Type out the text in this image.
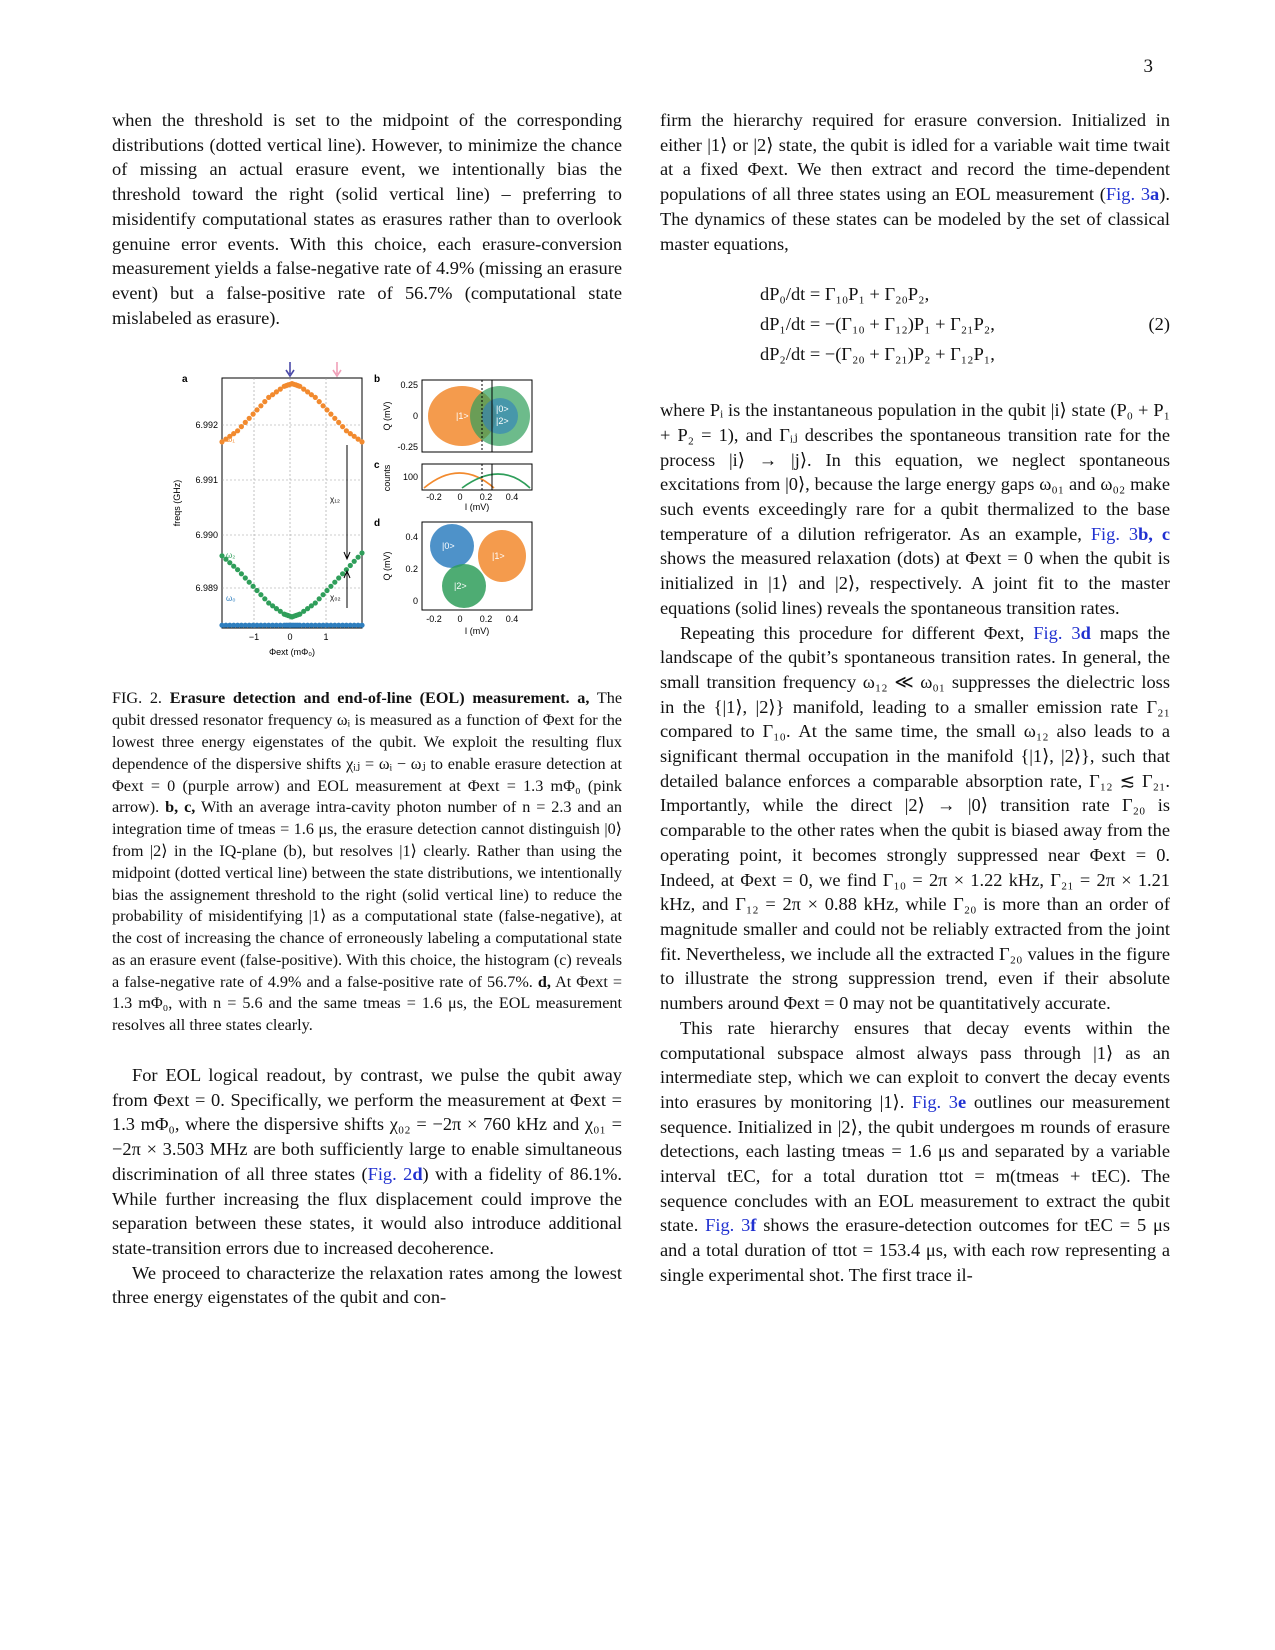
3

when the threshold is set to the midpoint of the corresponding distributions (dotted vertical line). However, to minimize the chance of missing an actual erasure event, we intentionally bias the threshold toward the right (solid vertical line) – preferring to misidentify computational states as erasures rather than to overlook genuine error events. With this choice, each erasure-conversion measurement yields a false-negative rate of 4.9% (missing an erasure event) but a false-positive rate of 56.7% (computational state mislabeled as erasure).

a
χ₁₂
χ₀₂
ω₁
ω₂
ω₀
6.992
6.991
6.990
6.989
−1	0	1
Φext (mΦ₀)
freqs (GHz)
b
|1>
|0>
|2>
0.25
0
-0.25
Q (mV)
c
100
counts
-0.2 0 0.2 0.4
I (mV)
d
|0>
|1>
|2>
0.4
0.2
0
Q (mV)
-0.2 0 0.2 0.4
I (mV)

FIG. 2. Erasure detection and end-of-line (EOL) measurement. a, The qubit dressed resonator frequency ωᵢ is measured as a function of Φext for the lowest three energy eigenstates of the qubit. We exploit the resulting flux dependence of the dispersive shifts χᵢⱼ = ωᵢ − ωⱼ to enable erasure detection at Φext = 0 (purple arrow) and EOL measurement at Φext = 1.3 mΦ₀ (pink arrow). b, c, With an average intra-cavity photon number of n = 2.3 and an integration time of tmeas = 1.6 μs, the erasure detection cannot distinguish |0⟩ from |2⟩ in the IQ-plane (b), but resolves |1⟩ clearly. Rather than using the midpoint (dotted vertical line) between the state distributions, we intentionally bias the assignement threshold to the right (solid vertical line) to reduce the probability of misidentifying |1⟩ as a computational state (false-negative), at the cost of increasing the chance of erroneously labeling a computational state as an erasure event (false-positive). With this choice, the histogram (c) reveals a false-negative rate of 4.9% and a false-positive rate of 56.7%. d, At Φext = 1.3 mΦ₀, with n = 5.6 and the same tmeas = 1.6 μs, the EOL measurement resolves all three states clearly.

For EOL logical readout, by contrast, we pulse the qubit away from Φext = 0. Specifically, we perform the measurement at Φext = 1.3 mΦ₀, where the dispersive shifts χ₀₂ = −2π × 760 kHz and χ₀₁ = −2π × 3.503 MHz are both sufficiently large to enable simultaneous discrimination of all three states (Fig. 2d) with a fidelity of 86.1%. While further increasing the flux displacement could improve the separation between these states, it would also introduce additional state-transition errors due to increased decoherence.

We proceed to characterize the relaxation rates among the lowest three energy eigenstates of the qubit and con-

firm the hierarchy required for erasure conversion. Initialized in either |1⟩ or |2⟩ state, the qubit is idled for a variable wait time twait at a fixed Φext. We then extract and record the time-dependent populations of all three states using an EOL measurement (Fig. 3a). The dynamics of these states can be modeled by the set of classical master equations,

dP₀/dt = Γ₁₀P₁ + Γ₂₀P₂,
dP₁/dt = −(Γ₁₀ + Γ₁₂)P₁ + Γ₂₁P₂,
dP₂/dt = −(Γ₂₀ + Γ₂₁)P₂ + Γ₁₂P₁,
(2)

where Pᵢ is the instantaneous population in the qubit |i⟩ state (P₀ + P₁ + P₂ = 1), and Γᵢⱼ describes the spontaneous transition rate for the process |i⟩ → |j⟩. In this equation, we neglect spontaneous excitations from |0⟩, because the large energy gaps ω₀₁ and ω₀₂ make such events exceedingly rare for a qubit thermalized to the base temperature of a dilution refrigerator. As an example, Fig. 3b, c shows the measured relaxation (dots) at Φext = 0 when the qubit is initialized in |1⟩ and |2⟩, respectively. A joint fit to the master equations (solid lines) reveals the spontaneous transition rates.

Repeating this procedure for different Φext, Fig. 3d maps the landscape of the qubit’s spontaneous transition rates. In general, the small transition frequency ω₁₂ ≪ ω₀₁ suppresses the dielectric loss in the {|1⟩, |2⟩} manifold, leading to a smaller emission rate Γ₂₁ compared to Γ₁₀. At the same time, the small ω₁₂ also leads to a significant thermal occupation in the manifold {|1⟩, |2⟩}, such that detailed balance enforces a comparable absorption rate, Γ₁₂ ≲ Γ₂₁. Importantly, while the direct |2⟩ → |0⟩ transition rate Γ₂₀ is comparable to the other rates when the qubit is biased away from the operating point, it becomes strongly suppressed near Φext = 0. Indeed, at Φext = 0, we find Γ₁₀ = 2π × 1.22 kHz, Γ₂₁ = 2π × 1.21 kHz, and Γ₁₂ = 2π × 0.88 kHz, while Γ₂₀ is more than an order of magnitude smaller and could not be reliably extracted from the joint fit. Nevertheless, we include all the extracted Γ₂₀ values in the figure to illustrate the strong suppression trend, even if their absolute numbers around Φext = 0 may not be quantitatively accurate.

This rate hierarchy ensures that decay events within the computational subspace almost always pass through |1⟩ as an intermediate step, which we can exploit to convert the decay events into erasures by monitoring |1⟩. Fig. 3e outlines our measurement sequence. Initialized in |2⟩, the qubit undergoes m rounds of erasure detections, each lasting tmeas = 1.6 μs and separated by a variable interval tEC, for a total duration ttot = m(tmeas + tEC). The sequence concludes with an EOL measurement to extract the qubit state. Fig. 3f shows the erasure-detection outcomes for tEC = 5 μs and a total duration of ttot = 153.4 μs, with each row representing a single experimental shot. The first trace il-
